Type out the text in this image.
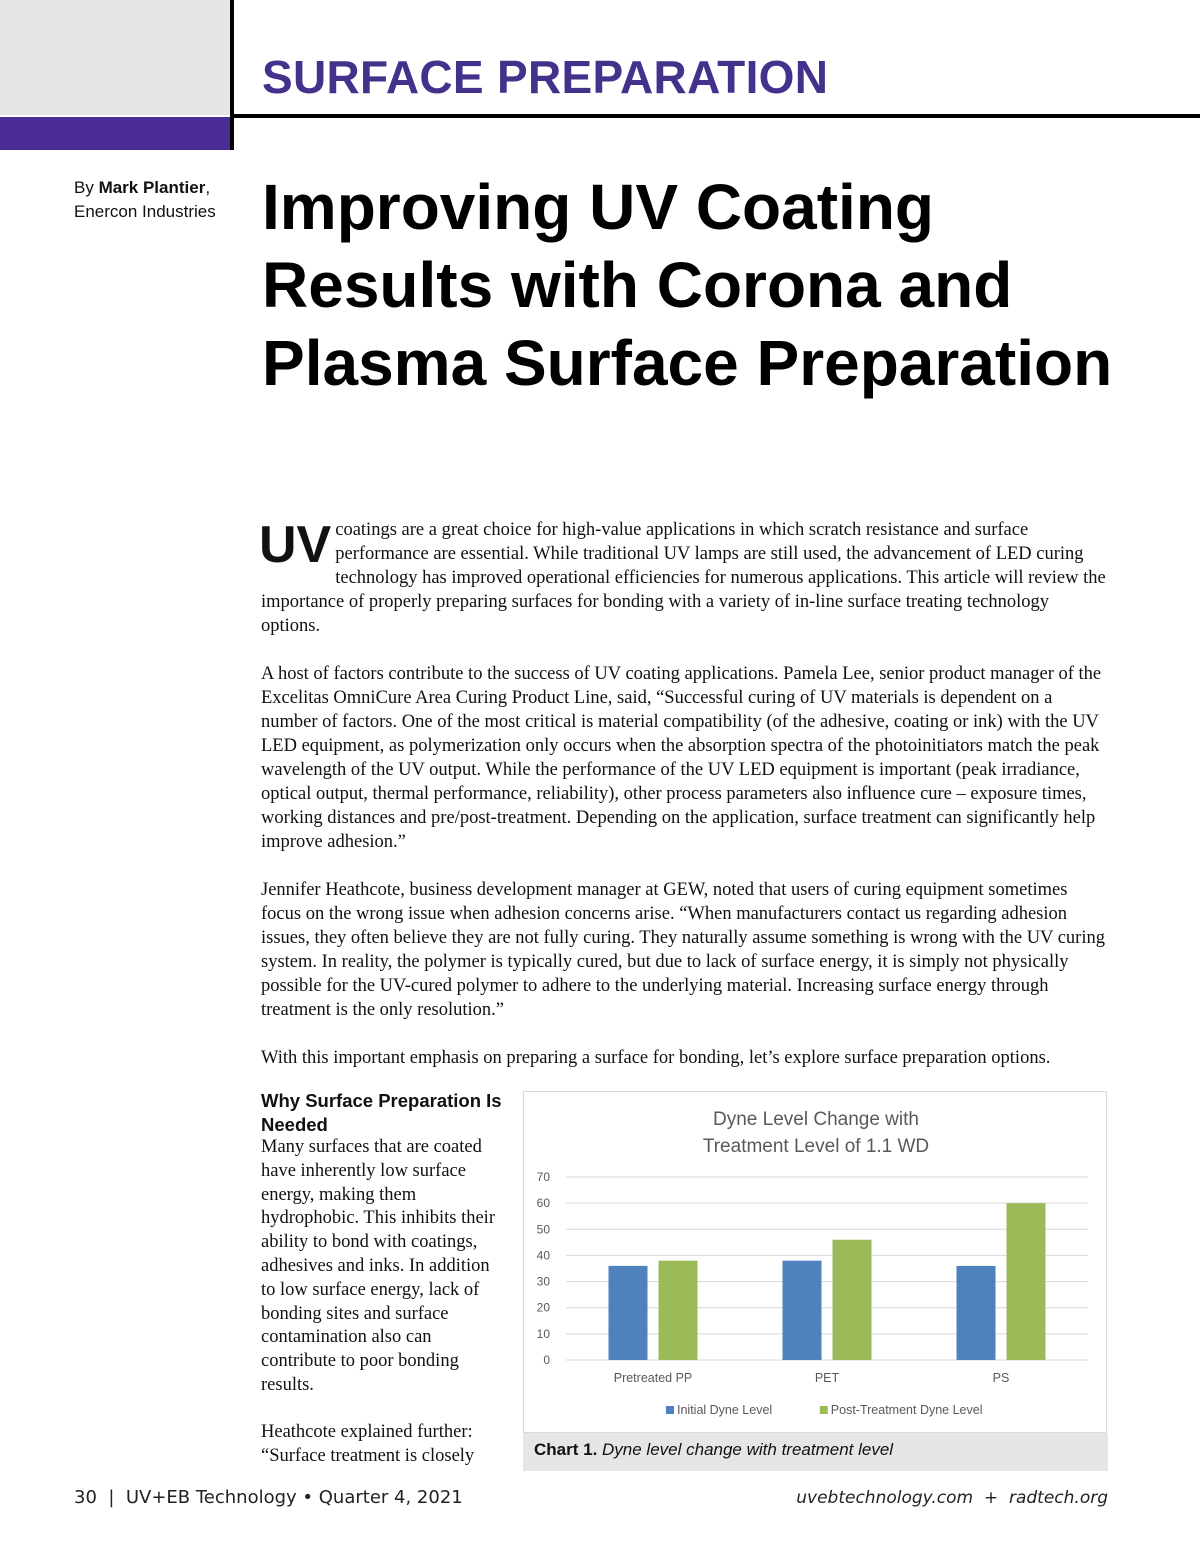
SURFACE PREPARATION
By Mark Plantier,
Enercon Industries Improving UV Coating Results with Corona and Plasma Surface Preparation

UV coatings are a great choice for high-value applications in which scratch resistance and surface performance are essential. While traditional UV lamps are still used, the advancement of LED curing technology has improved operational efficiencies for numerous applications. This article will review the importance of properly preparing surfaces for bonding with a variety of in-line surface treating technology options.

A host of factors contribute to the success of UV coating applications. Pamela Lee, senior product manager of the Excelitas OmniCure Area Curing Product Line, said, “Successful curing of UV materials is dependent on a number of factors. One of the most critical is material compatibility (of the adhesive, coating or ink) with the UV LED equipment, as polymerization only occurs when the absorption spectra of the photoinitiators match the peak wavelength of the UV output. While the performance of the UV LED equipment is important (peak irradiance, optical output, thermal performance, reliability), other process parameters also influence cure – exposure times, working distances and pre/post-treatment. Depending on the application, surface treatment can significantly help improve adhesion.”

Jennifer Heathcote, business development manager at GEW, noted that users of curing equipment sometimes focus on the wrong issue when adhesion concerns arise. “When manufacturers contact us regarding adhesion issues, they often believe they are not fully curing. They naturally assume something is wrong with the UV curing system. In reality, the polymer is typically cured, but due to lack of surface energy, it is simply not physically possible for the UV-cured polymer to adhere to the underlying material. Increasing surface energy through treatment is the only resolution.”

With this important emphasis on preparing a surface for bonding, let’s explore surface preparation options.

Why Surface Preparation Is Needed

Many surfaces that are coated have inherently low surface energy, making them hydrophobic. This inhibits their ability to bond with coatings, adhesives and inks. In addition to low surface energy, lack of bonding sites and surface contamination also can contribute to poor bonding results.

Heathcote explained further: “Surface treatment is closely

Dyne Level Change with
Treatment Level of 1.1 WD
0
10
20
30
40
50
60
70
Pretreated PP	PET	PS
Initial Dyne Level	Post-Treatment Dyne Level
Chart 1. Dyne level change with treatment level
30  |  UV+EB Technology • Quarter 4, 2021	uvebtechnology.com  +  radtech.org
